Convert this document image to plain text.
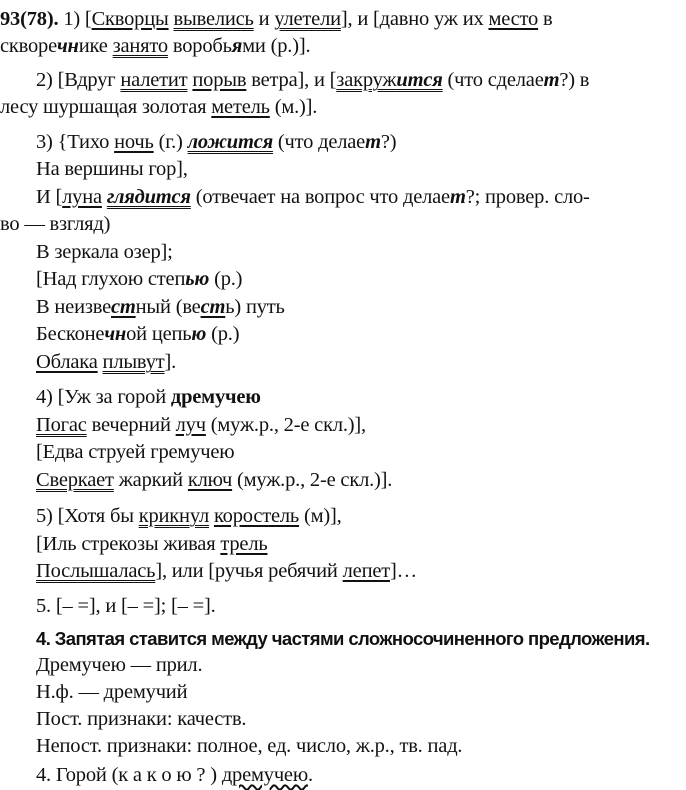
93(78). 1) [Скворцы вывелись и улетели], и [давно уж их место в
скворечнике занято воробьями (р.)].
2) [Вдруг налетит порыв ветра], и [закружится (что сделает?) в
лесу шуршащая золотая метель (м.)].
3) {Тихо ночь (г.) ложится (что делает?)
На вершины гор],
И [луна глядится (отвечает на вопрос что делает?; провер. сло-
во — взгляд)
В зеркала озер];
[Над глухою степью (р.)
В неизвестный (весть) путь
Бесконечной цепью (р.)
Облака плывут].
4) [Уж за горой дремучею
Погас вечерний луч (муж.р., 2-е скл.)],
[Едва струей гремучею
Сверкает жаркий ключ (муж.р., 2-е скл.)].
5) [Хотя бы крикнул коростель (м)],
[Иль стрекозы живая трель
Послышалась], или [ручья ребячий лепет]…
5. [– =], и [– =]; [– =].
4. Запятая ставится между частями сложносочиненного предложения.
Дремучею — прил.
Н.ф. — дремучий
Пост. признаки: качеств.
Непост. признаки: полное, ед. число, ж.р., тв. пад.
4. Горой (к а к о ю ? ) дремучею.
